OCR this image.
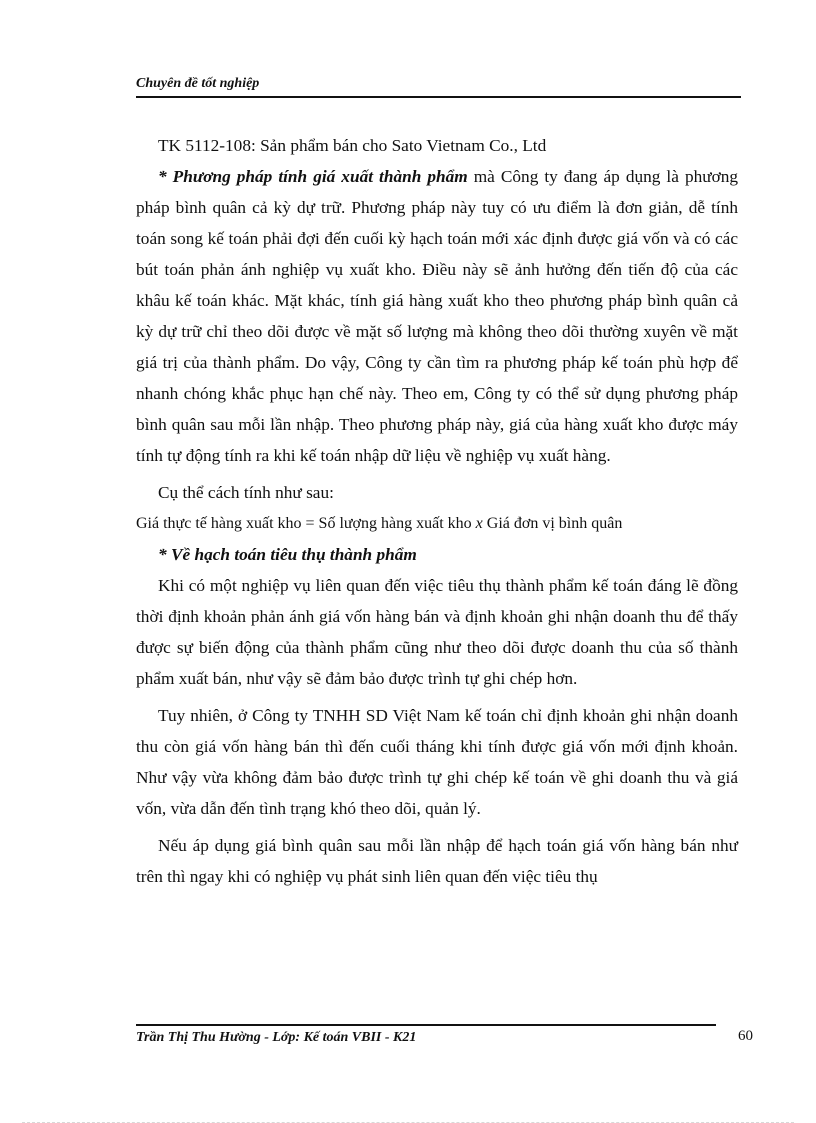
Chuyên đề tốt nghiệp

TK 5112-108: Sản phẩm bán cho Sato Vietnam Co., Ltd

* Phương pháp tính giá xuất thành phẩm mà Công ty đang áp dụng là phương pháp bình quân cả kỳ dự trữ. Phương pháp này tuy có ưu điểm là đơn giản, dễ tính toán song kế toán phải đợi đến cuối kỳ hạch toán mới xác định được giá vốn và có các bút toán phản ánh nghiệp vụ xuất kho. Điều này sẽ ảnh hưởng đến tiến độ của các khâu kế toán khác. Mặt khác, tính giá hàng xuất kho theo phương pháp bình quân cả kỳ dự trữ chỉ theo dõi được về mặt số lượng mà không theo dõi thường xuyên về mặt giá trị của thành phẩm. Do vậy, Công ty cần tìm ra phương pháp kế toán phù hợp để nhanh chóng khắc phục hạn chế này. Theo em, Công ty có thể sử dụng phương pháp bình quân sau mỗi lần nhập. Theo phương pháp này, giá của hàng xuất kho được máy tính tự động tính ra khi kế toán nhập dữ liệu về nghiệp vụ xuất hàng.

Cụ thể cách tính như sau:

Giá thực tế hàng xuất kho = Số lượng hàng xuất kho x Giá đơn vị bình quân

* Về hạch toán tiêu thụ thành phẩm

Khi có một nghiệp vụ liên quan đến việc tiêu thụ thành phẩm kế toán đáng lẽ đồng thời định khoản phản ánh giá vốn hàng bán và định khoản ghi nhận doanh thu để thấy được sự biến động của thành phẩm cũng như theo dõi được doanh thu của số thành phẩm xuất bán, như vậy sẽ đảm bảo được trình tự ghi chép hơn.

Tuy nhiên, ở Công ty TNHH SD Việt Nam kế toán chỉ định khoản ghi nhận doanh thu còn giá vốn hàng bán thì đến cuối tháng khi tính được giá vốn mới định khoản. Như vậy vừa không đảm bảo được trình tự ghi chép kế toán về ghi doanh thu và giá vốn, vừa dẫn đến tình trạng khó theo dõi, quản lý.

Nếu áp dụng giá bình quân sau mỗi lần nhập để hạch toán giá vốn hàng bán như trên thì ngay khi có nghiệp vụ phát sinh liên quan đến việc tiêu thụ

Trần Thị Thu Hường - Lớp: Kế toán VBII - K21	60
